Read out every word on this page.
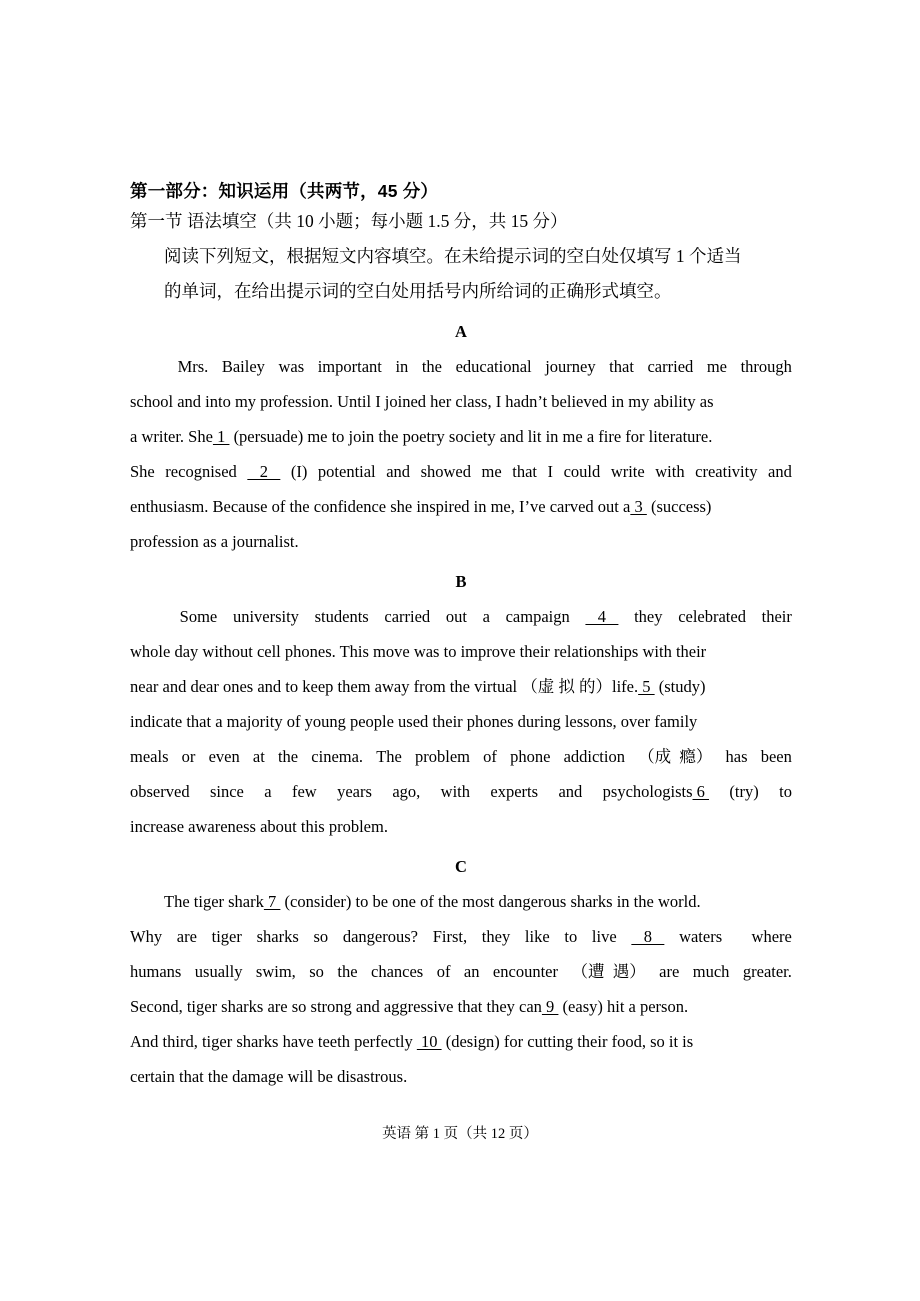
第一部分：知识运用（共两节，45 分）
第一节 语法填空（共 10 小题；每小题 1.5 分，共 15 分）
阅读下列短文，根据短文内容填空。在未给提示词的空白处仅填写 1 个适当
的单词，在给出提示词的空白处用括号内所给词的正确形式填空。
A
Mrs. Bailey was important in the educational journey that carried me through
school and into my profession. Until I joined her class, I hadn’t believed in my ability as
a writer. She 1  (persuade) me to join the poetry society and lit in me a fire for literature.
She recognised 2 (I) potential and showed me that I could write with creativity and
enthusiasm. Because of the confidence she inspired in me, I’ve carved out a 3  (success)
profession as a journalist.
B
Some university students carried out a campaign 4 they celebrated their
whole day without cell phones. This move was to improve their relationships with their
near and dear ones and to keep them away from the virtual （虚 拟 的）life. 5  (study)
indicate that a majority of young people used their phones during lessons, over family
meals or even at the cinema. The problem of phone addiction （成  瘾） has been
observed since a few years ago, with experts and psychologists 6 (try) to
increase awareness about this problem.
C
The tiger shark 7  (consider) to be one of the most dangerous sharks in the world.
Why are tiger sharks so dangerous? First, they like to live 8 waters where
humans usually swim, so the chances of an encounter （遭  遇） are much greater.
Second, tiger sharks are so strong and aggressive that they can 9  (easy) hit a person.
And third, tiger sharks have teeth perfectly  10  (design) for cutting their food, so it is
certain that the damage will be disastrous.
英语 第 1 页（共 12 页）
